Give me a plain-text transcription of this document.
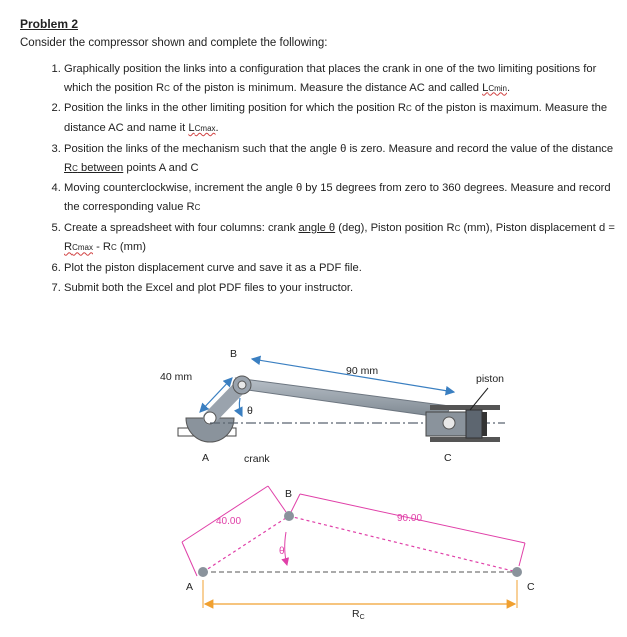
Problem 2
Consider the compressor shown and complete the following:
1. Graphically position the links into a configuration that places the crank in one of the two limiting positions for which the position RC of the piston is minimum. Measure the distance AC and called LCmin.
2. Position the links in the other limiting position for which the position RC of the piston is maximum. Measure the distance AC and name it LCmax.
3. Position the links of the mechanism such that the angle θ is zero. Measure and record the value of the distance RC between points A and C
4. Moving counterclockwise, increment the angle θ by 15 degrees from zero to 360 degrees. Measure and record the corresponding value RC
5. Create a spreadsheet with four columns: crank angle θ (deg), Piston position RC (mm), Piston displacement d = RCmax - RC (mm)
6. Plot the piston displacement curve and save it as a PDF file.
7. Submit both the Excel and plot PDF files to your instructor.
B
40 mm	90 mm
piston
θ
A	crank	C
B
40.00	90.00
θ
A	C
RC
